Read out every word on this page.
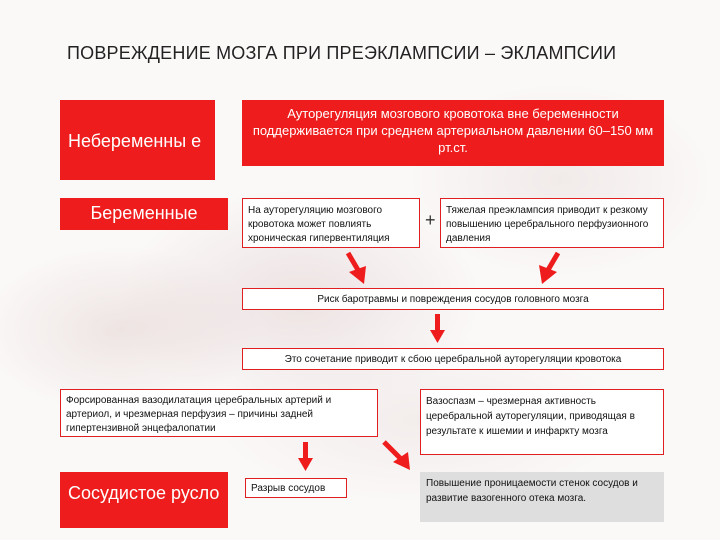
ПОВРЕЖДЕНИЕ МОЗГА ПРИ ПРЕЭКЛАМПСИИ – ЭКЛАМПСИИ
Небеременны е
Беременные
Сосудистое русло
Ауторегуляция мозгового кровотока вне беременности поддерживается при среднем артериальном давлении 60–150 мм рт.ст.
На ауторегуляцию мозгового кровотока может повлиять хроническая гипервентиляция
+ Тяжелая преэклампсия приводит к резкому повышению церебрального перфузионного давления
Риск баротравмы и повреждения сосудов головного мозга
Это сочетание приводит к сбою церебральной ауторегуляции кровотока
Форсированная вазодилатация церебральных артерий и артериол, и чрезмерная перфузия – причины задней гипертензивной энцефалопатии
Вазоспазм – чрезмерная активность церебральной ауторегуляции, приводящая в результате к ишемии и инфаркту мозга
Разрыв сосудов	Повышение проницаемости стенок сосудов и развитие вазогенного отека мозга.
